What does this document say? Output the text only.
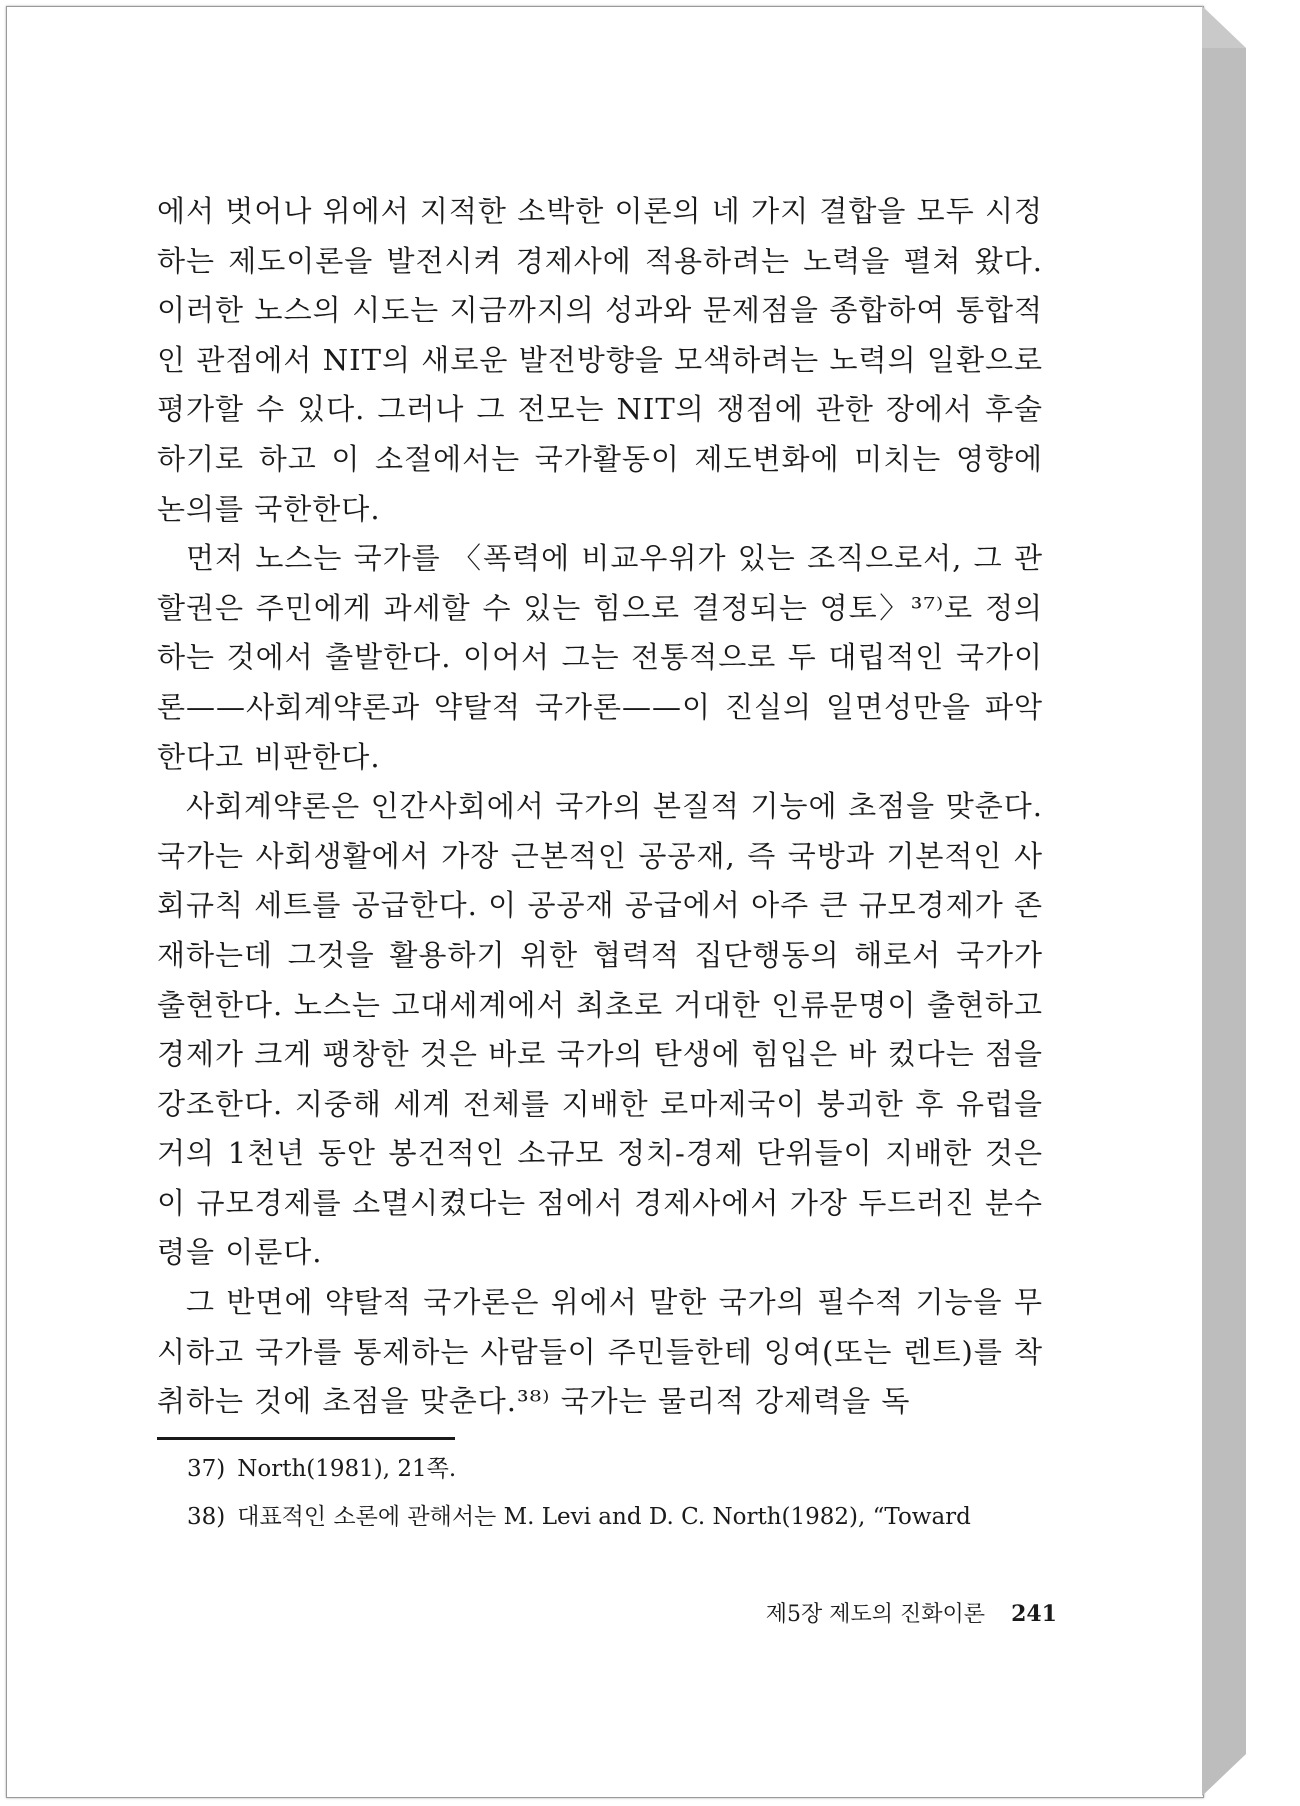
에서 벗어나 위에서 지적한 소박한 이론의 네 가지 결합을 모두 시정하는 제도이론을 발전시켜 경제사에 적용하려는 노력을 펼쳐 왔다. 이러한 노스의 시도는 지금까지의 성과와 문제점을 종합하여 통합적인 관점에서 NIT의 새로운 발전방향을 모색하려는 노력의 일환으로 평가할 수 있다. 그러나 그 전모는 NIT의 쟁점에 관한 장에서 후술하기로 하고 이 소절에서는 국가활동이 제도변화에 미치는 영향에 논의를 국한한다.

먼저 노스는 국가를 〈폭력에 비교우위가 있는 조직으로서, 그 관할권은 주민에게 과세할 수 있는 힘으로 결정되는 영토〉³⁷⁾로 정의하는 것에서 출발한다. 이어서 그는 전통적으로 두 대립적인 국가이론——사회계약론과 약탈적 국가론——이 진실의 일면성만을 파악한다고 비판한다.

사회계약론은 인간사회에서 국가의 본질적 기능에 초점을 맞춘다. 국가는 사회생활에서 가장 근본적인 공공재, 즉 국방과 기본적인 사회규칙 세트를 공급한다. 이 공공재 공급에서 아주 큰 규모경제가 존재하는데 그것을 활용하기 위한 협력적 집단행동의 해로서 국가가 출현한다. 노스는 고대세계에서 최초로 거대한 인류문명이 출현하고 경제가 크게 팽창한 것은 바로 국가의 탄생에 힘입은 바 컸다는 점을 강조한다. 지중해 세계 전체를 지배한 로마제국이 붕괴한 후 유럽을 거의 1천년 동안 봉건적인 소규모 정치-경제 단위들이 지배한 것은 이 규모경제를 소멸시켰다는 점에서 경제사에서 가장 두드러진 분수령을 이룬다.

그 반면에 약탈적 국가론은 위에서 말한 국가의 필수적 기능을 무시하고 국가를 통제하는 사람들이 주민들한테 잉여(또는 렌트)를 착취하는 것에 초점을 맞춘다.³⁸⁾ 국가는 물리적 강제력을 독

37) North(1981), 21쪽.
38) 대표적인 소론에 관해서는 M. Levi and D. C. North(1982), “Toward
제5장 제도의 진화이론 241
